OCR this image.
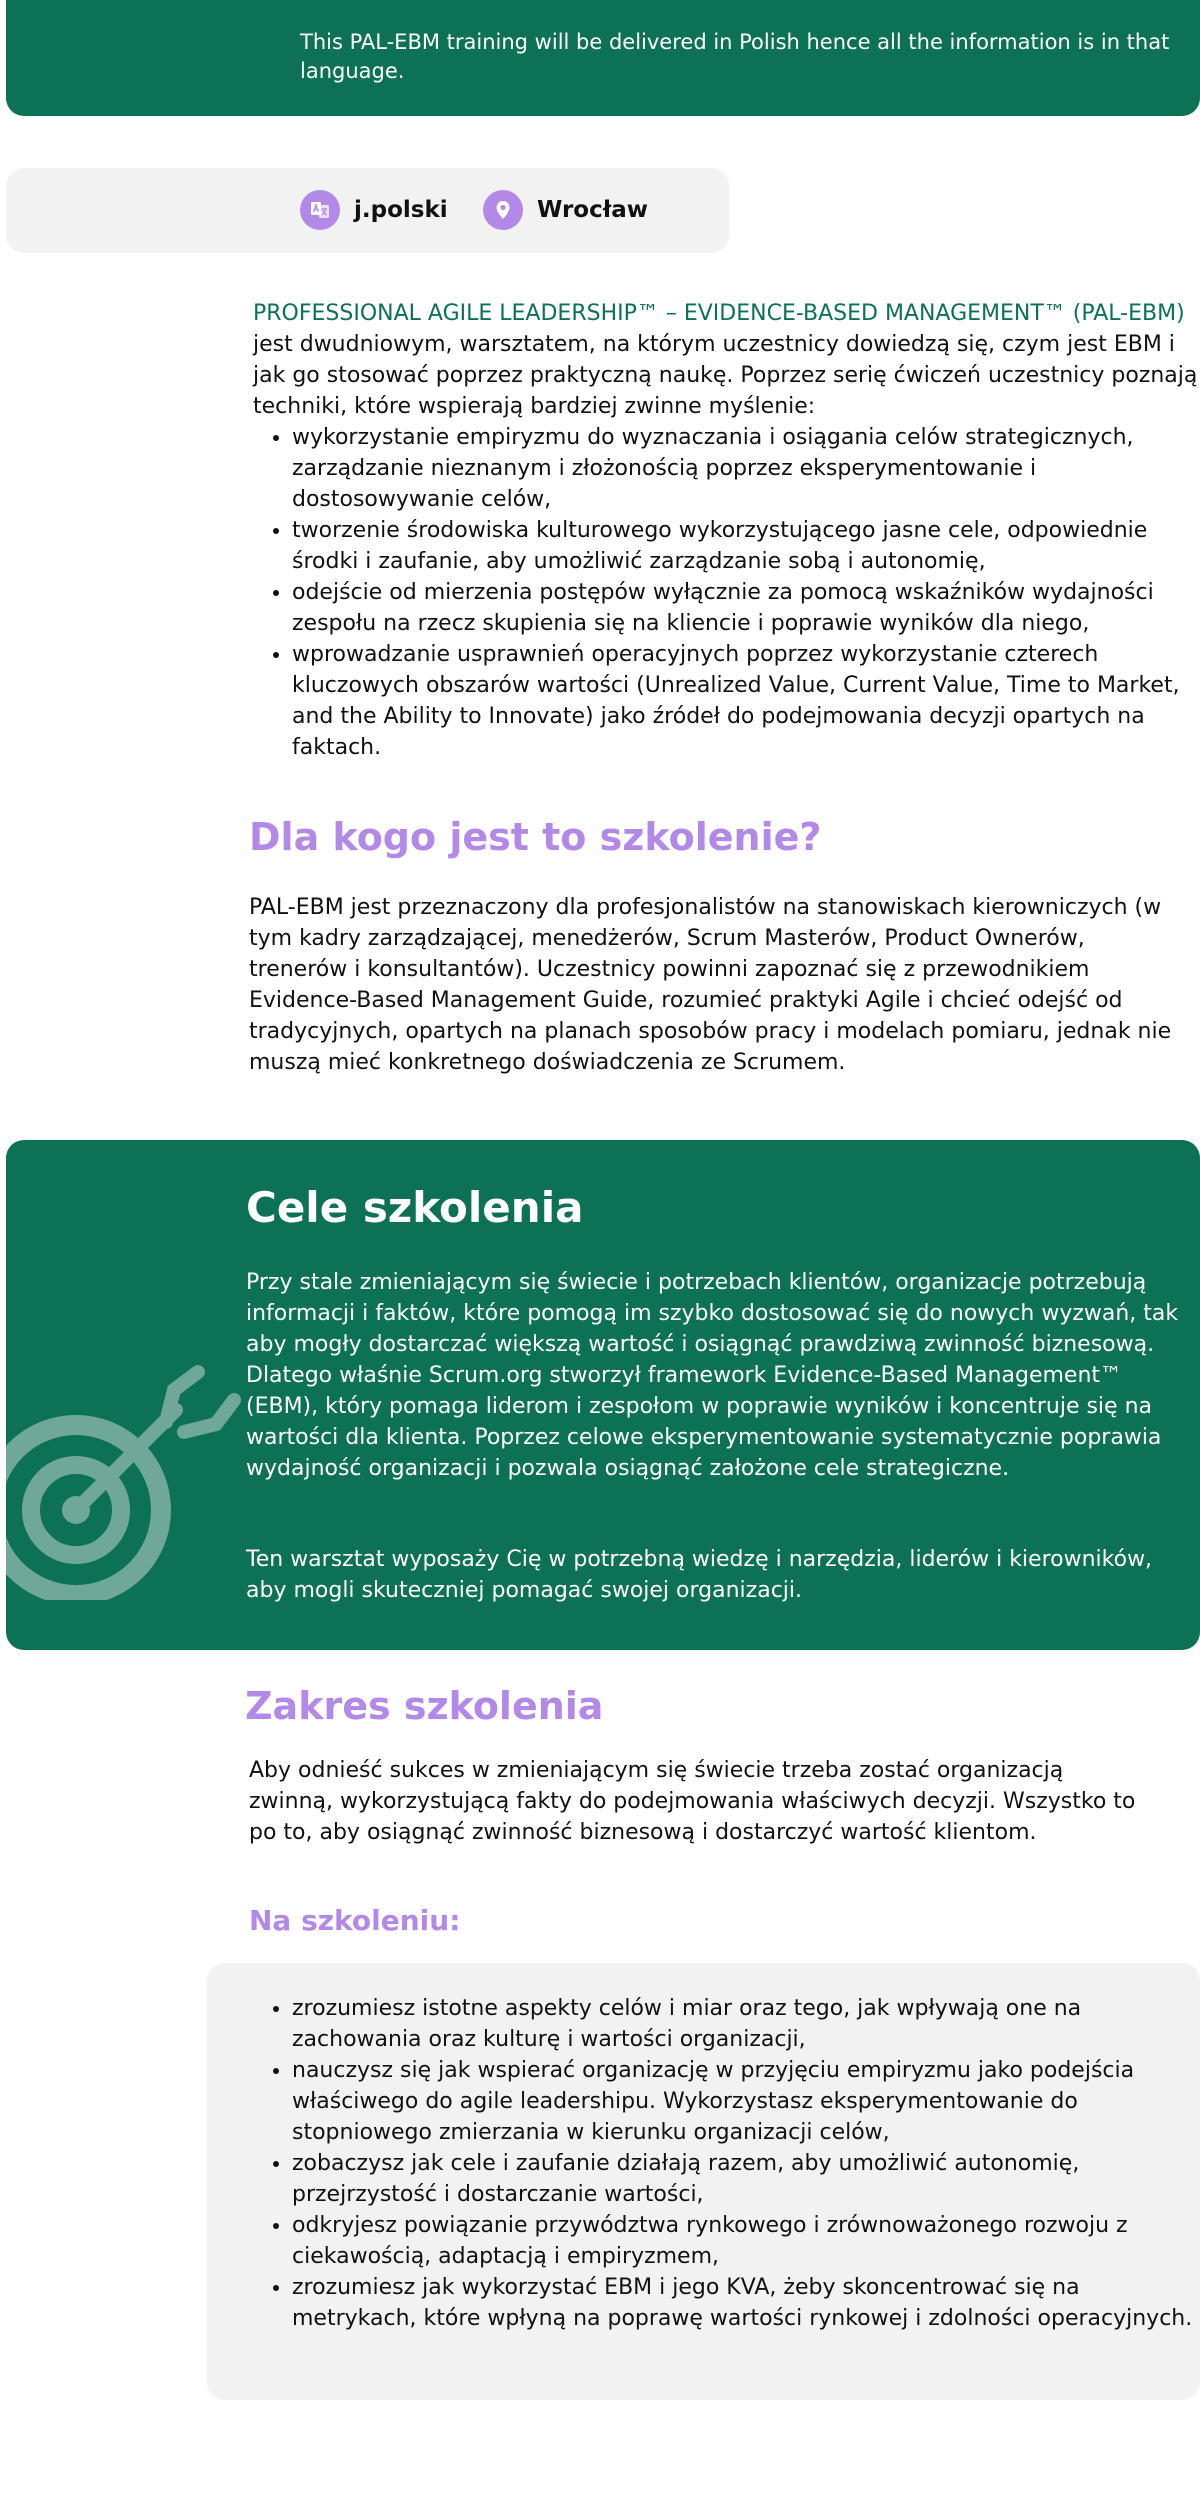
This PAL-EBM training will be delivered in Polish hence all the information is in that language.
j.polski	Wrocław
PROFESSIONAL AGILE LEADERSHIP™ – EVIDENCE-BASED MANAGEMENT™ (PAL-EBM) jest dwudniowym, warsztatem, na którym uczestnicy dowiedzą się, czym jest EBM i jak go stosować poprzez praktyczną naukę. Poprzez serię ćwiczeń uczestnicy poznają techniki, które wspierają bardziej zwinne myślenie:
• wykorzystanie empiryzmu do wyznaczania i osiągania celów strategicznych, zarządzanie nieznanym i złożonością poprzez eksperymentowanie i dostosowywanie celów,
• tworzenie środowiska kulturowego wykorzystującego jasne cele, odpowiednie środki i zaufanie, aby umożliwić zarządzanie sobą i autonomię,
• odejście od mierzenia postępów wyłącznie za pomocą wskaźników wydajności zespołu na rzecz skupienia się na kliencie i poprawie wyników dla niego,
• wprowadzanie usprawnień operacyjnych poprzez wykorzystanie czterech kluczowych obszarów wartości (Unrealized Value, Current Value, Time to Market, and the Ability to Innovate) jako źródeł do podejmowania decyzji opartych na faktach.
Dla kogo jest to szkolenie?
PAL-EBM jest przeznaczony dla profesjonalistów na stanowiskach kierowniczych (w tym kadry zarządzającej, menedżerów, Scrum Masterów, Product Ownerów, trenerów i konsultantów). Uczestnicy powinni zapoznać się z przewodnikiem Evidence-Based Management Guide, rozumieć praktyki Agile i chcieć odejść od tradycyjnych, opartych na planach sposobów pracy i modelach pomiaru, jednak nie muszą mieć konkretnego doświadczenia ze Scrumem.
Cele szkolenia
Przy stale zmieniającym się świecie i potrzebach klientów, organizacje potrzebują informacji i faktów, które pomogą im szybko dostosować się do nowych wyzwań, tak aby mogły dostarczać większą wartość i osiągnąć prawdziwą zwinność biznesową. Dlatego właśnie Scrum.org stworzył framework Evidence-Based Management™ (EBM), który pomaga liderom i zespołom w poprawie wyników i koncentruje się na wartości dla klienta. Poprzez celowe eksperymentowanie systematycznie poprawia wydajność organizacji i pozwala osiągnąć założone cele strategiczne.
Ten warsztat wyposaży Cię w potrzebną wiedzę i narzędzia, liderów i kierowników, aby mogli skuteczniej pomagać swojej organizacji.
Zakres szkolenia
Aby odnieść sukces w zmieniającym się świecie trzeba zostać organizacją zwinną, wykorzystującą fakty do podejmowania właściwych decyzji. Wszystko to po to, aby osiągnąć zwinność biznesową i dostarczyć wartość klientom.
Na szkoleniu:
• zrozumiesz istotne aspekty celów i miar oraz tego, jak wpływają one na zachowania oraz kulturę i wartości organizacji,
• nauczysz się jak wspierać organizację w przyjęciu empiryzmu jako podejścia właściwego do agile leadershipu. Wykorzystasz eksperymentowanie do stopniowego zmierzania w kierunku organizacji celów,
• zobaczysz jak cele i zaufanie działają razem, aby umożliwić autonomię, przejrzystość i dostarczanie wartości,
• odkryjesz powiązanie przywództwa rynkowego i zrównoważonego rozwoju z ciekawością, adaptacją i empiryzmem,
• zrozumiesz jak wykorzystać EBM i jego KVA, żeby skoncentrować się na metrykach, które wpłyną na poprawę wartości rynkowej i zdolności operacyjnych.
